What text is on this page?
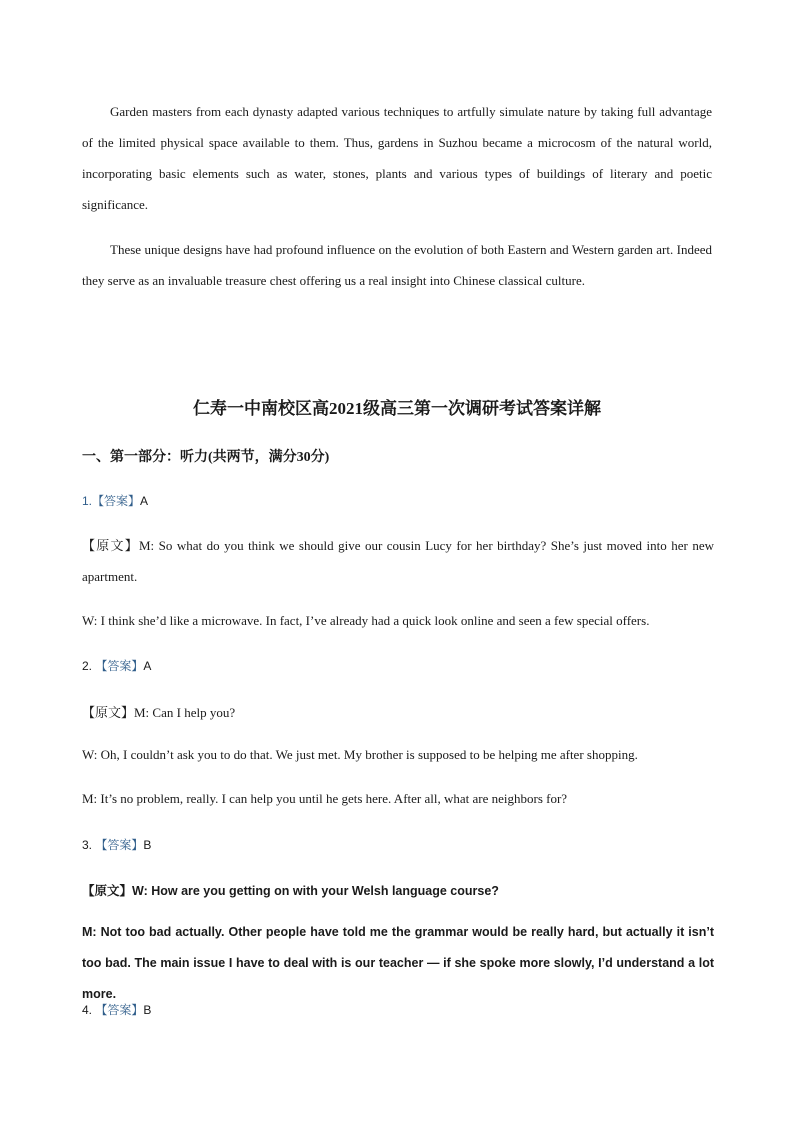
Garden masters from each dynasty adapted various techniques to artfully simulate nature by taking full advantage of the limited physical space available to them. Thus, gardens in Suzhou became a microcosm of the natural world, incorporating basic elements such as water, stones, plants and various types of buildings of literary and poetic significance.

These unique designs have had profound influence on the evolution of both Eastern and Western garden art. Indeed they serve as an invaluable treasure chest offering us a real insight into Chinese classical culture.

仁寿一中南校区高2021级高三第一次调研考试答案详解
一、第一部分：听力(共两节，满分30分)
1.【答案】A

【原文】M: So what do you think we should give our cousin Lucy for her birthday? She’s just moved into her new apartment.

W: I think she’d like a microwave. In fact, I’ve already had a quick look online and seen a few special offers.

2. 【答案】A

【原文】M: Can I help you?

W: Oh, I couldn’t ask you to do that. We just met. My brother is supposed to be helping me after shopping.

M: It’s no problem, really. I can help you until he gets here. After all, what are neighbors for?

3. 【答案】B

【原文】W: How are you getting on with your Welsh language course?

M: Not too bad actually. Other people have told me the grammar would be really hard, but actually it isn’t too bad. The main issue I have to deal with is our teacher — if she spoke more slowly, I’d understand a lot more.

4. 【答案】B
